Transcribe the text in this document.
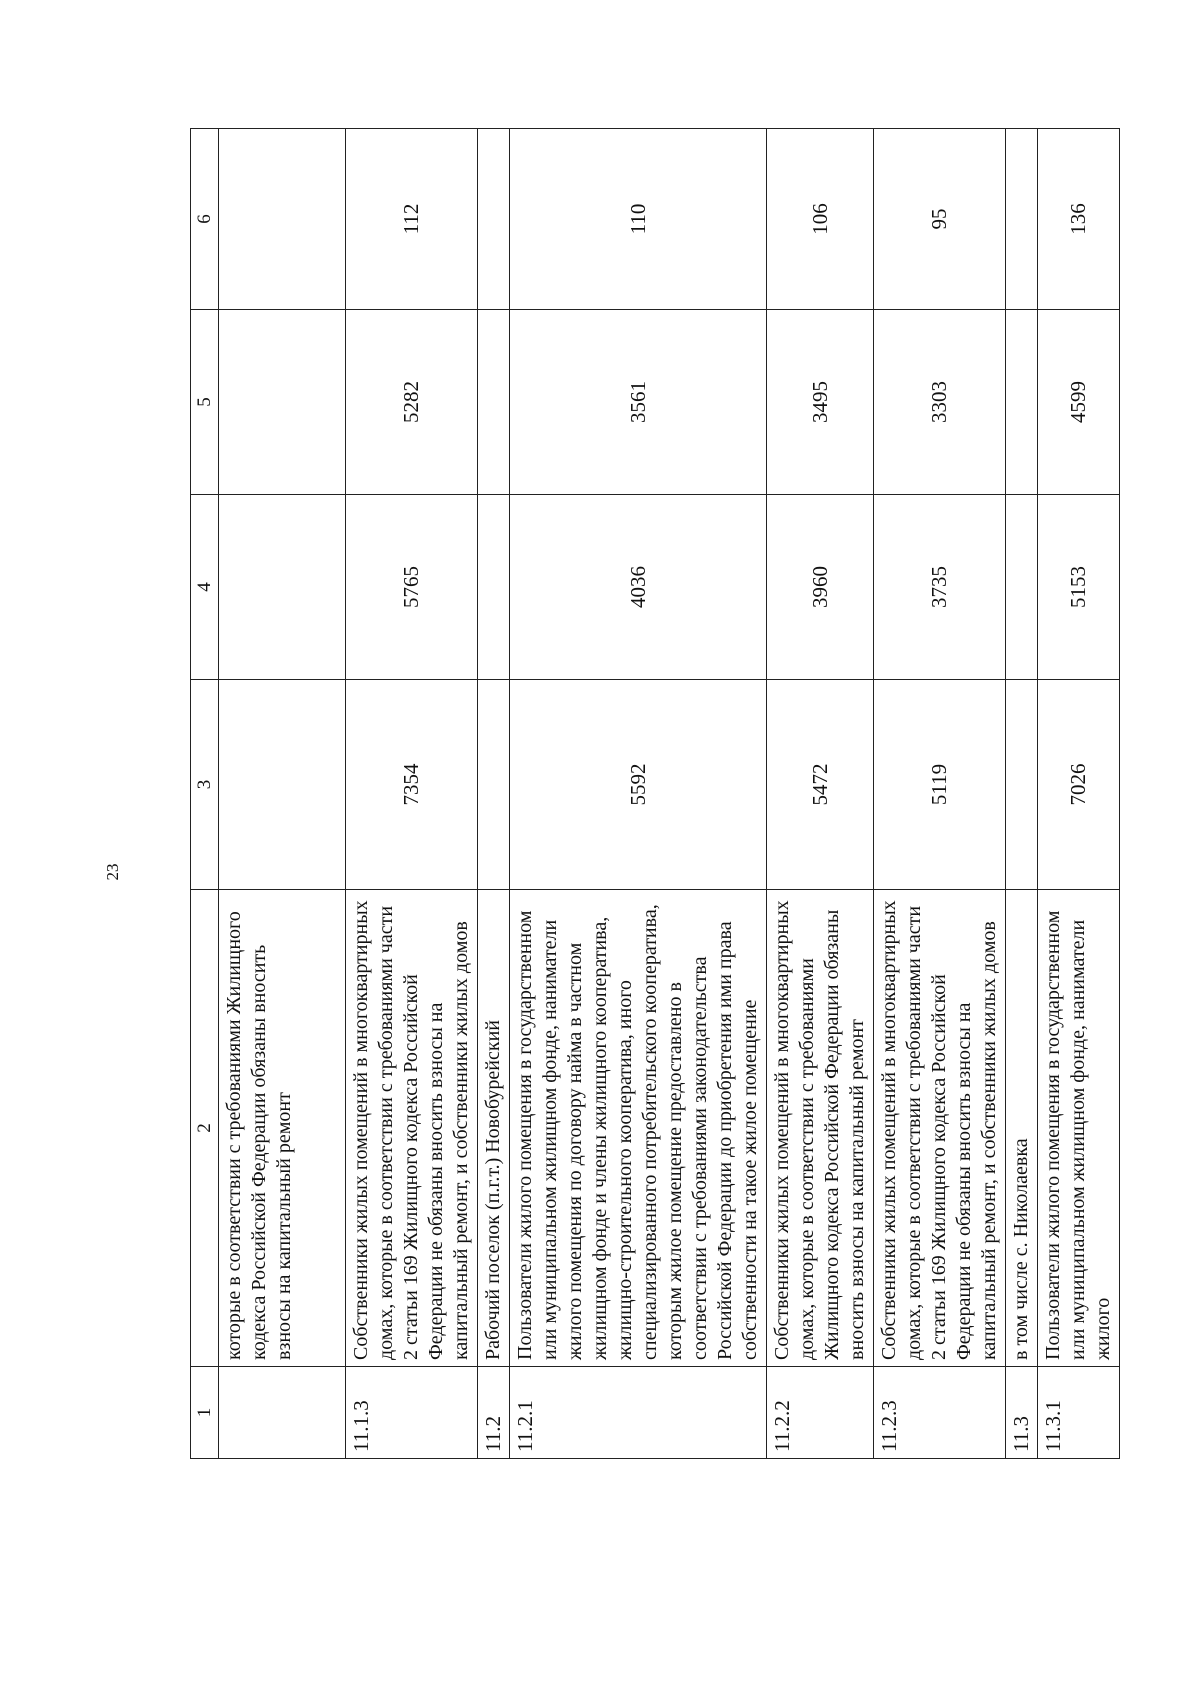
23
1	2	3	4	5	6
	которые в соответствии с требованиями Жилищного кодекса Российской Федерации обязаны вносить взносы на капитальный ремонт				
11.1.3	Собственники жилых помещений в многоквартирных домах, которые в соответствии с требованиями части 2 статьи 169 Жилищного кодекса Российской Федерации не обязаны вносить взносы на капитальный ремонт, и собственники жилых домов	7354	5765	5282	112
11.2	Рабочий поселок (п.г.т.) Новобурейский				
11.2.1	Пользователи жилого помещения в государственном или муниципальном жилищном фонде, наниматели жилого помещения по договору найма в частном жилищном фонде и члены жилищного кооператива, жилищно-строительного кооператива, иного специализированного потребительского кооператива, которым жилое помещение предоставлено в соответствии с требованиями законодательства Российской Федерации до приобретения ими права собственности на такое жилое помещение	5592	4036	3561	110
11.2.2	Собственники жилых помещений в многоквартирных домах, которые в соответствии с требованиями Жилищного кодекса Российской Федерации обязаны вносить взносы на капитальный ремонт	5472	3960	3495	106
11.2.3	Собственники жилых помещений в многоквартирных домах, которые в соответствии с требованиями части 2 статьи 169 Жилищного кодекса Российской Федерации не обязаны вносить взносы на капитальный ремонт, и собственники жилых домов	5119	3735	3303	95
11.3	в том числе с. Николаевка				
11.3.1	Пользователи жилого помещения в государственном или муниципальном жилищном фонде, наниматели жилого	7026	5153	4599	136
